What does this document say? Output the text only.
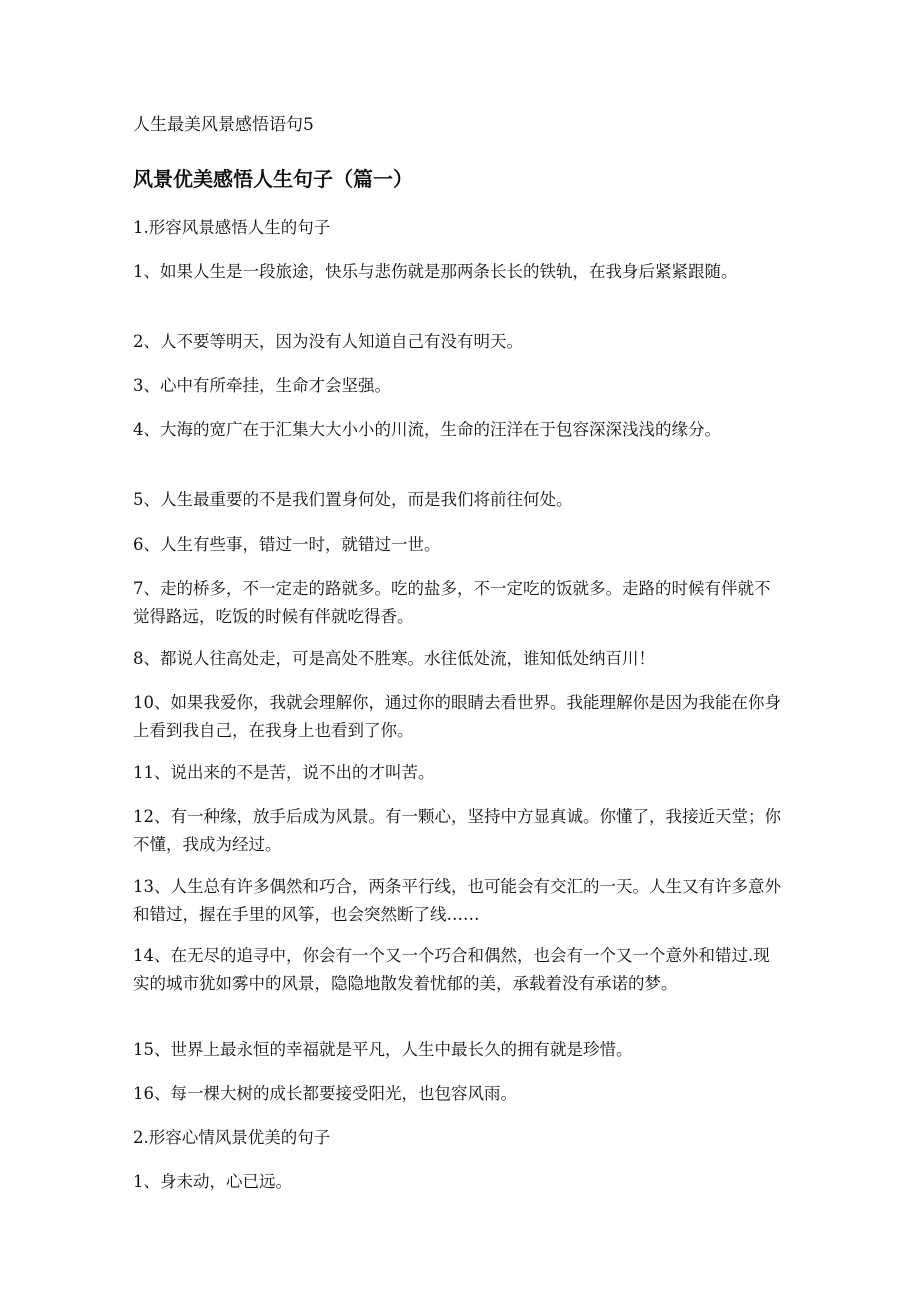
人生最美风景感悟语句5
风景优美感悟人生句子（篇一）

1.形容风景感悟人生的句子

1、如果人生是一段旅途，快乐与悲伤就是那两条长长的铁轨，在我身后紧紧跟随。

2、人不要等明天，因为没有人知道自己有没有明天。

3、心中有所牵挂，生命才会坚强。

4、大海的宽广在于汇集大大小小的川流，生命的汪洋在于包容深深浅浅的缘分。

5、人生最重要的不是我们置身何处，而是我们将前往何处。

6、人生有些事，错过一时，就错过一世。

7、走的桥多，不一定走的路就多。吃的盐多，不一定吃的饭就多。走路的时候有伴就不觉得路远，吃饭的时候有伴就吃得香。

8、都说人往高处走，可是高处不胜寒。水往低处流，谁知低处纳百川！

10、如果我爱你，我就会理解你，通过你的眼睛去看世界。我能理解你是因为我能在你身上看到我自己，在我身上也看到了你。

11、说出来的不是苦，说不出的才叫苦。

12、有一种缘，放手后成为风景。有一颗心，坚持中方显真诚。你懂了，我接近天堂；你不懂，我成为经过。

13、人生总有许多偶然和巧合，两条平行线，也可能会有交汇的一天。人生又有许多意外和错过，握在手里的风筝，也会突然断了线……

14、在无尽的追寻中，你会有一个又一个巧合和偶然，也会有一个又一个意外和错过.现实的城市犹如雾中的风景，隐隐地散发着忧郁的美，承载着没有承诺的梦。

15、世界上最永恒的幸福就是平凡，人生中最长久的拥有就是珍惜。

16、每一棵大树的成长都要接受阳光，也包容风雨。

2.形容心情风景优美的句子

1、身未动，心已远。
